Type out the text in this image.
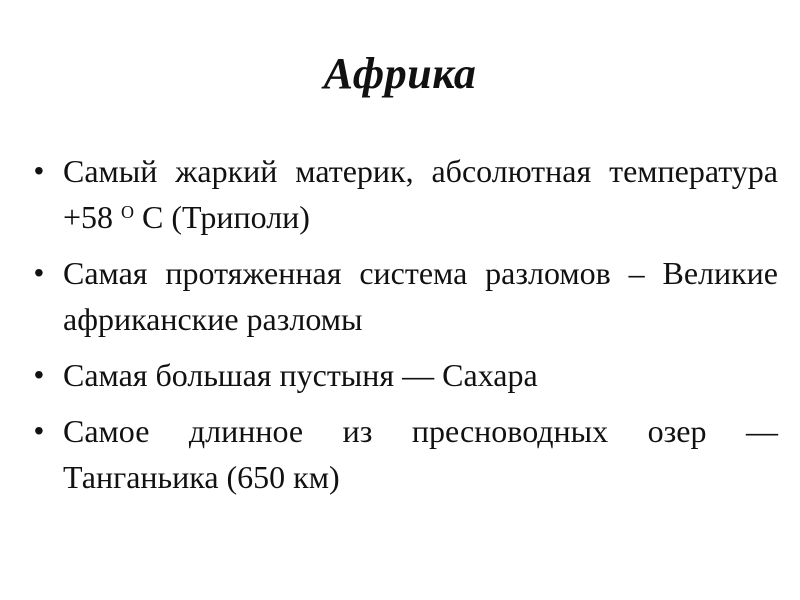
Африка
• Самый жаркий материк, абсолютная температура +58 $^O$ С (Триполи)
• Самая протяженная система разломов – Великие африканские разломы
• Самая большая пустыня — Сахара
• Самое длинное из пресноводных озер — Танганьика (650 км)
